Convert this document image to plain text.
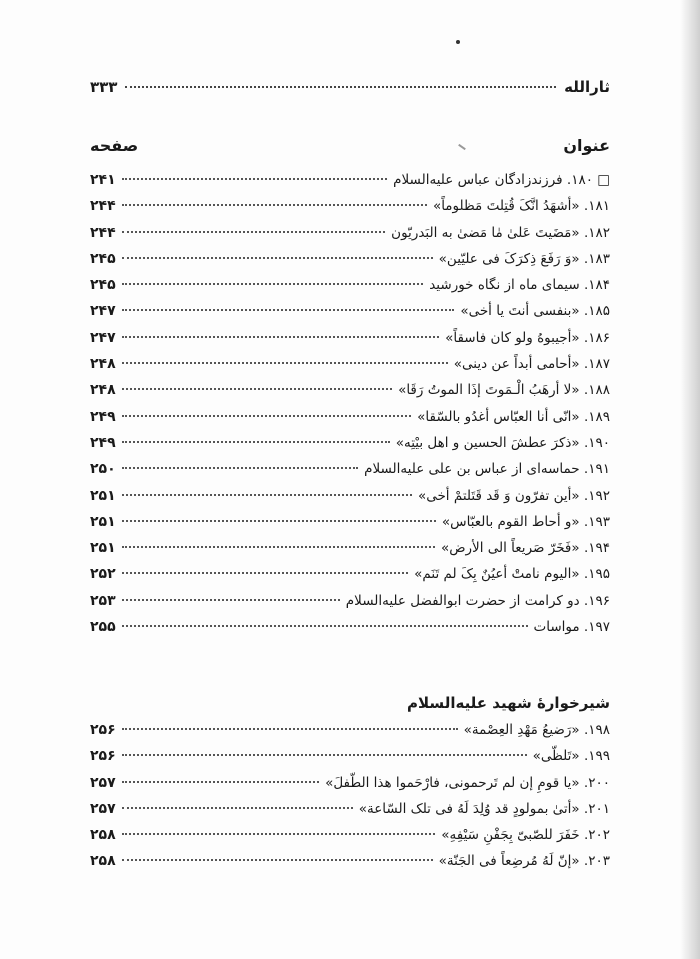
ثارالله
۳۳۳
عنوان
صفحه
□ ۱۸۰. فرزندزادگان عباس علیه‌السلام
۲۴۱
۱۸۱. «أشهَدُ انَّکَ قُتِلتَ مَظلوماً»
۲۴۴
۱۸۲. «مَضَیتَ عَلیٰ مٰا مَضیٰ به البَدریّون
۲۴۴
۱۸۳. «وَ رَفَعَ ذِکرَکَ فی علیّین»
۲۴۵
۱۸۴. سیمای ماه از نگاه خورشید
۲۴۵
۱۸۵. «بنفسی أنتَ یا أخی»
۲۴۷
۱۸۶. «أجیبوهُ ولو کان فاسقاً»
۲۴۷
۱۸۷. «أحامی أبداً عن دینی»
۲۴۸
۱۸۸. «لا أرهَبُ الْـمَوتَ إذَا الموتُ رَقَا»
۲۴۸
۱۸۹. «انّی أنا العبّاس أغدُو بالسّقا»
۲۴۹
۱۹۰. «ذکرَ عطشَ الحسین و اهل بیْتِه»
۲۴۹
۱۹۱. حماسه‌ای از عباس بن علی علیه‌السلام
۲۵۰
۱۹۲. «أین تفرّون وَ قَد قَتَلتمْ أخی»
۲۵۱
۱۹۳. «و أحاط القوم بالعبّاس»
۲۵۱
۱۹۴. «فَخَرّ صَریعاً الی الأرض»
۲۵۱
۱۹۵. «الیوم نامتْ أعیُنٌ بِکَ لم تَنَم»
۲۵۲
۱۹۶. دو کرامت از حضرت ابوالفضل علیه‌السلام
۲۵۳
۱۹۷. مواسات
۲۵۵
شیرخوارۀ شهید علیه‌السلام
۱۹۸. «رَضیعُ مَهْدِ العِصْمة»
۲۵۶
۱۹۹. «تَلظّی»
۲۵۶
۲۰۰. «یا قومِ إن لم تَرحمونی، فارْحَموا هذا الطّفلَ»
۲۵۷
۲۰۱. «أتیٰ بمولودٍ قد وُلِدَ لَهُ فی تلک السّاعة»
۲۵۷
۲۰۲. خَفَرَ للصّبیّ بِجَفْنِ سَیْفِهِ»
۲۵۸
۲۰۳. «إنّ لَهُ مُرضِعاً فی الجَنّة»
۲۵۸
